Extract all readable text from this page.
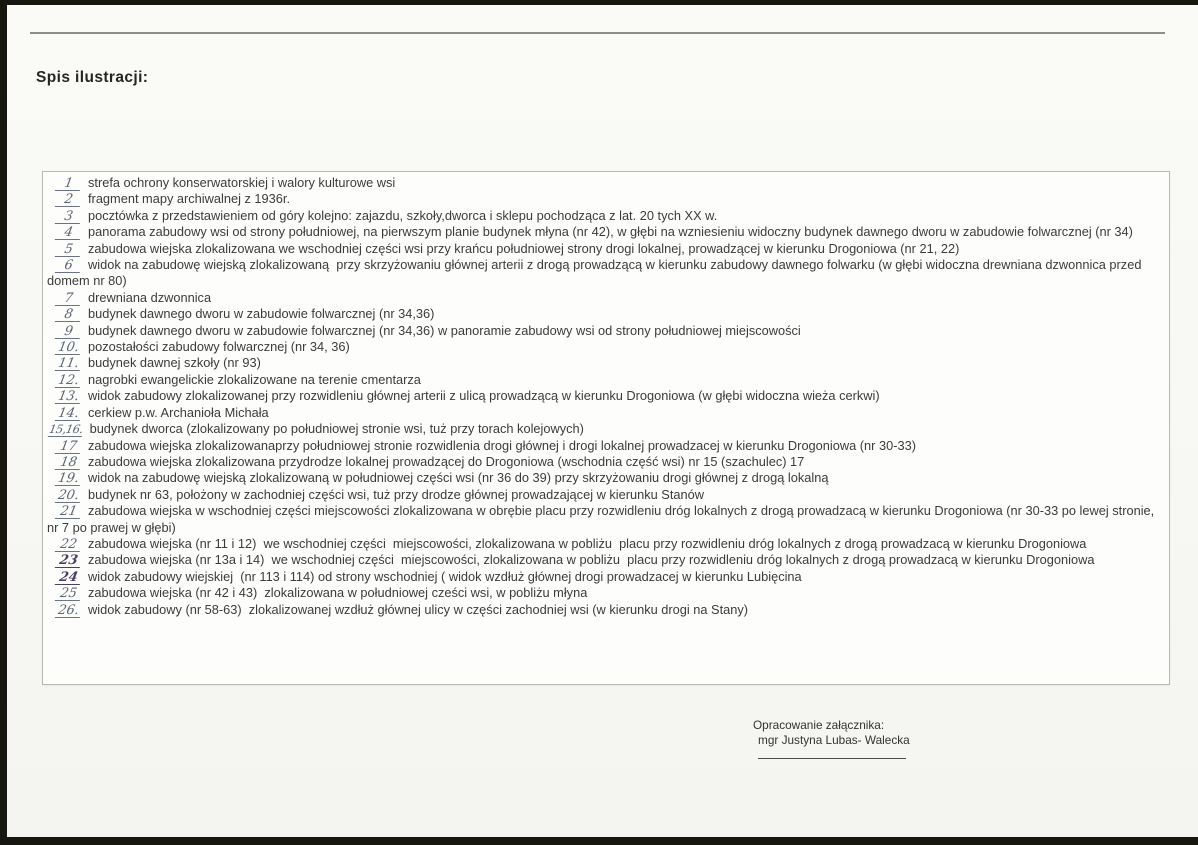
Spis ilustracji:
1 strefa ochrony konserwatorskiej i walory kulturowe wsi
2 fragment mapy archiwalnej z 1936r.
3 pocztówka z przedstawieniem od góry kolejno: zajazdu, szkoły,dworca i sklepu pochodząca z lat. 20 tych XX w.
4 panorama zabudowy wsi od strony południowej, na pierwszym planie budynek młyna (nr 42), w głębi na wzniesieniu widoczny budynek dawnego dworu w zabudowie folwarcznej (nr 34)
5 zabudowa wiejska zlokalizowana we wschodniej części wsi przy krańcu południowej strony drogi lokalnej, prowadzącej w kierunku Drogoniowa (nr 21, 22)
6 widok na zabudowę wiejską zlokalizowaną  przy skrzyżowaniu głównej arterii z drogą prowadzącą w kierunku zabudowy dawnego folwarku (w głębi widoczna drewniana dzwonnica przed domem nr 80)
7 drewniana dzwonnica
8 budynek dawnego dworu w zabudowie folwarcznej (nr 34,36)
9 budynek dawnego dworu w zabudowie folwarcznej (nr 34,36) w panoramie zabudowy wsi od strony południowej miejscowości
10. pozostałości zabudowy folwarcznej (nr 34, 36)
11. budynek dawnej szkoły (nr 93)
12. nagrobki ewangelickie zlokalizowane na terenie cmentarza
13. widok zabudowy zlokalizowanej przy rozwidleniu głównej arterii z ulicą prowadzącą w kierunku Drogoniowa (w głębi widoczna wieża cerkwi)
14. cerkiew p.w. Archanioła Michała
15,16. budynek dworca (zlokalizowany po południowej stronie wsi, tuż przy torach kolejowych)
17 zabudowa wiejska zlokalizowanaprzy południowej stronie rozwidlenia drogi głównej i drogi lokalnej prowadzacej w kierunku Drogoniowa (nr 30-33)
18 zabudowa wiejska zlokalizowana przydrodze lokalnej prowadzącej do Drogoniowa (wschodnia część wsi) nr 15 (szachulec) 17
19. widok na zabudowę wiejską zlokalizowaną w południowej części wsi (nr 36 do 39) przy skrzyżowaniu drogi głównej z drogą lokalną
20. budynek nr 63, położony w zachodniej części wsi, tuż przy drodze głównej prowadzającej w kierunku Stanów
21 zabudowa wiejska w wschodniej części miejscowości zlokalizowana w obrębie placu przy rozwidleniu dróg lokalnych z drogą prowadzacą w kierunku Drogoniowa (nr 30-33 po lewej stronie, nr 7 po prawej w głębi)
22 zabudowa wiejska (nr 11 i 12)  we wschodniej części  miejscowości, zlokalizowana w pobliżu  placu przy rozwidleniu dróg lokalnych z drogą prowadzacą w kierunku Drogoniowa
23 zabudowa wiejska (nr 13a i 14)  we wschodniej części  miejscowości, zlokalizowana w pobliżu  placu przy rozwidleniu dróg lokalnych z drogą prowadzacą w kierunku Drogoniowa
24 widok zabudowy wiejskiej  (nr 113 i 114) od strony wschodniej ( widok wzdłuż głównej drogi prowadzacej w kierunku Lubięcina
25 zabudowa wiejska (nr 42 i 43)  zlokalizowana w południowej cześci wsi, w pobliżu młyna
26. widok zabudowy (nr 58-63)  zlokalizowanej wzdłuż głównej ulicy w części zachodniej wsi (w kierunku drogi na Stany)
Opracowanie załącznika:
mgr Justyna Lubas- Walecka
